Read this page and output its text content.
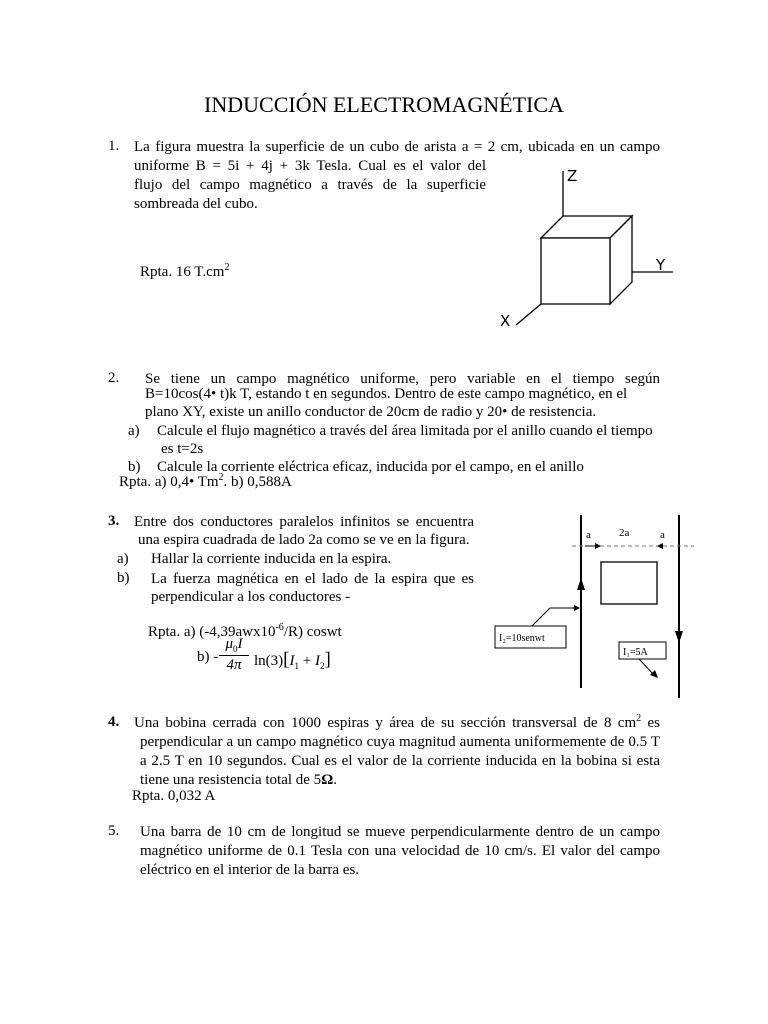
INDUCCIÓN ELECTROMAGNÉTICA
1. La figura muestra la superficie de un cubo de arista a = 2 cm, ubicada en un campo
uniforme B = 5i + 4j + 3k Tesla. Cual es el valor del
flujo del campo magnético a través de la superficie
sombreada del cubo.
Rpta. 16 $T.cm^2$
Z
Y
X
2. Se tiene un campo magnético uniforme, pero variable en el tiempo según
B=10cos(4• t)k T, estando t en segundos. Dentro de este campo magnético, en el
plano XY, existe un anillo conductor de 20cm de radio y 20• de resistencia.
a) Calcule el flujo magnético a través del área limitada por el anillo cuando el tiempo
es t=2s
b) Calcule la corriente eléctrica eficaz, inducida por el campo, en el anillo
Rpta. a) 0,4• Tm$^2$. b) 0,588A
3. Entre dos conductores paralelos infinitos se encuentra
una espira cuadrada de lado 2a como se ve en la figura.
a) Hallar la corriente inducida en la espira.
b) La fuerza magnética en el lado de la espira que es
perpendicular a los conductores -
Rpta. a) $(-4,39awx10^{-6}/R)$ coswt
$b) - \frac{\mu_0I}{4\pi} \ln(3)[I_1 + I_2]$
a	2a	a
I₂=10senwt
I₁=5A
4. Una bobina cerrada con 1000 espiras y área de su sección transversal de 8 $cm^2$ es
perpendicular a un campo magnético cuya magnitud aumenta uniformemente de 0.5 T
a 2.5 T en 10 segundos. Cual es el valor de la corriente inducida en la bobina si esta
tiene una resistencia total de 5Ω.
Rpta. 0,032 A
5. Una barra de 10 cm de longitud se mueve perpendicularmente dentro de un campo
magnético uniforme de 0.1 Tesla con una velocidad de 10 cm/s. El valor del campo
eléctrico en el interior de la barra es.
